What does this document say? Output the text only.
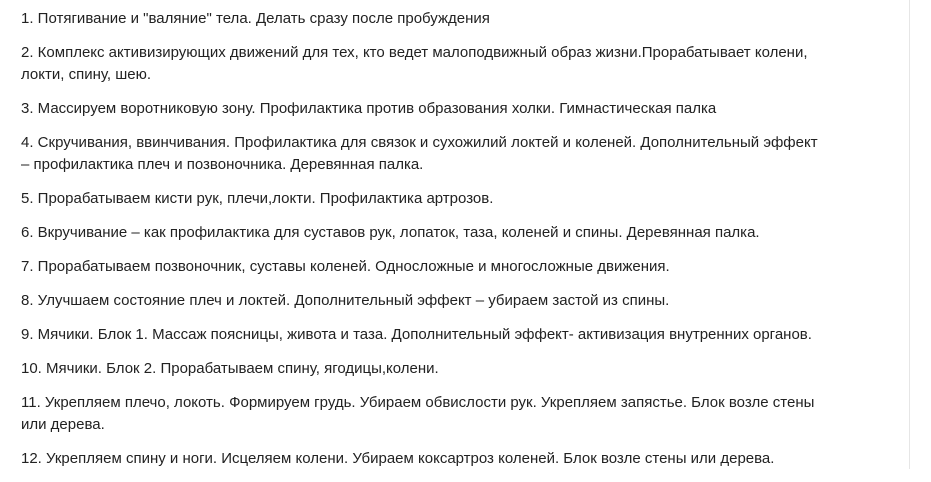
1. Потягивание и "валяние" тела. Делать сразу после пробуждения
2. Комплекс активизирующих движений для тех, кто ведет малоподвижный образ жизни.Прорабатывает колени,
локти, спину, шею.
3. Массируем воротниковую зону. Профилактика против образования холки. Гимнастическая палка
4. Скручивания, ввинчивания. Профилактика для связок и сухожилий локтей и коленей. Дополнительный эффект
– профилактика плеч и позвоночника. Деревянная палка.
5. Прорабатываем кисти рук, плечи,локти. Профилактика артрозов.
6. Вкручивание – как профилактика для суставов рук, лопаток, таза, коленей и спины. Деревянная палка.
7. Прорабатываем позвоночник, суставы коленей. Односложные и многосложные движения.
8. Улучшаем состояние плеч и локтей. Дополнительный эффект – убираем застой из спины.
9. Мячики. Блок 1. Массаж поясницы, живота и таза. Дополнительный эффект- активизация внутренних органов.
10. Мячики. Блок 2. Прорабатываем спину, ягодицы,колени.
11. Укрепляем плечо, локоть. Формируем грудь. Убираем обвислости рук. Укрепляем запястье. Блок возле стены
или дерева.
12. Укрепляем спину и ноги. Исцеляем колени. Убираем коксартроз коленей. Блок возле стены или дерева.
